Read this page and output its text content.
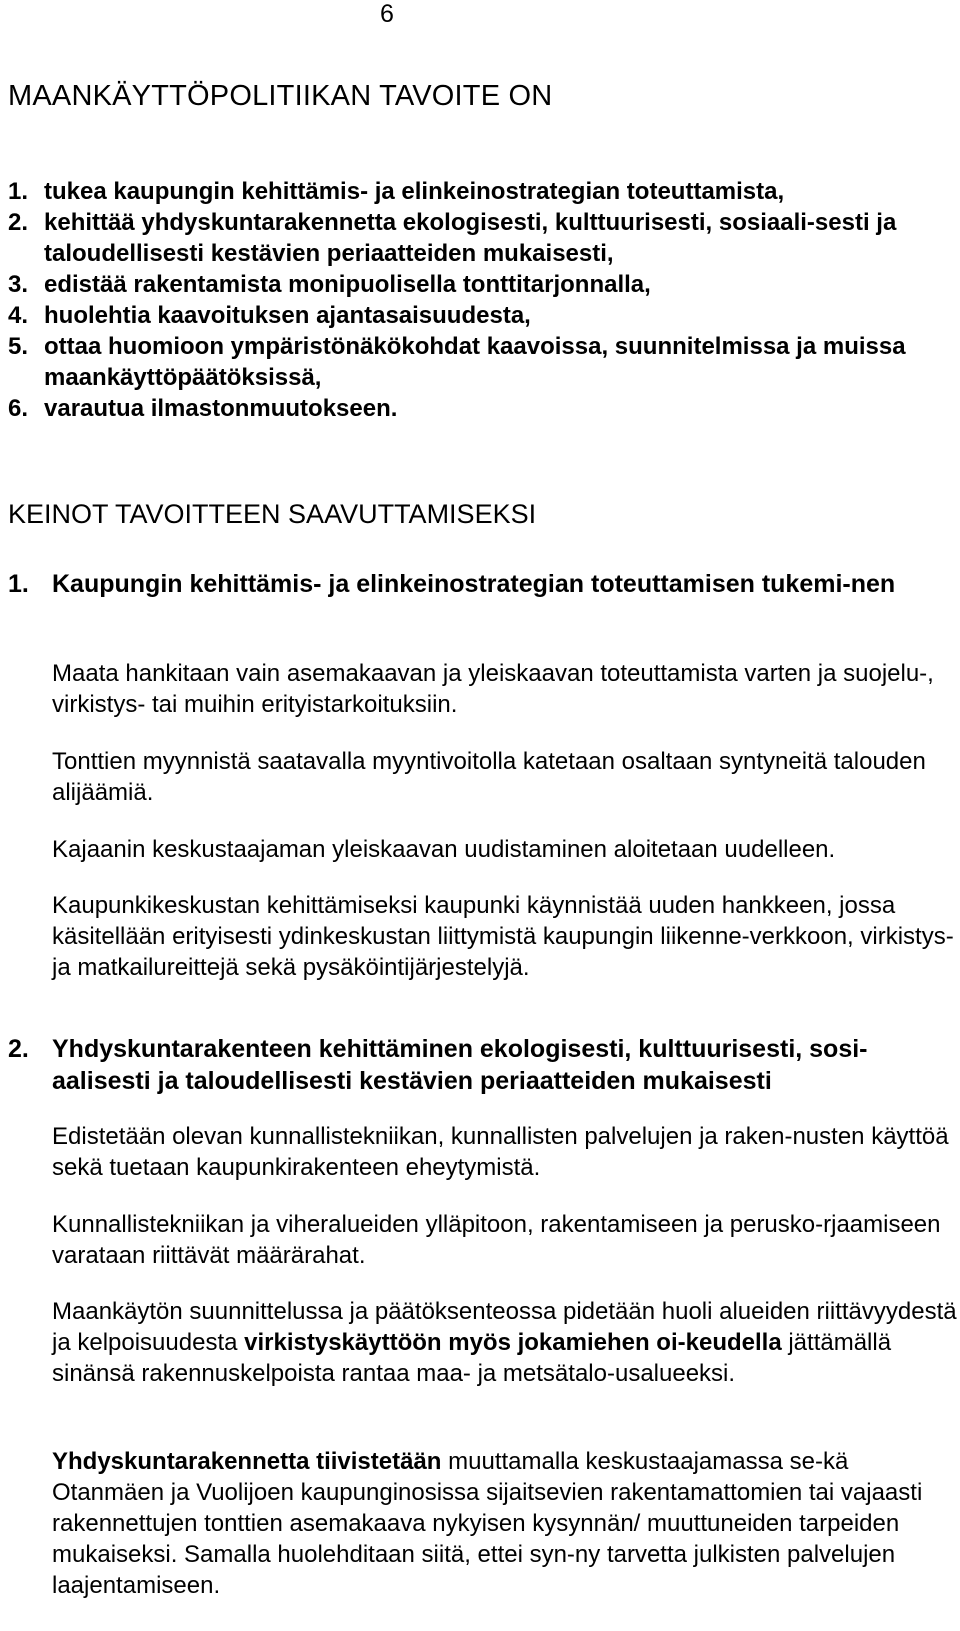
6
MAANKÄYTTÖPOLITIIKAN TAVOITE ON
1. tukea kaupungin kehittämis- ja elinkeinostrategian toteuttamista,
2. kehittää yhdyskuntarakennetta ekologisesti, kulttuurisesti, sosiaali-sesti ja taloudellisesti kestävien periaatteiden mukaisesti,
3. edistää rakentamista monipuolisella tonttitarjonnalla,
4. huolehtia kaavoituksen ajantasaisuudesta,
5. ottaa huomioon ympäristönäkökohdat kaavoissa, suunnitelmissa ja muissa maankäyttöpäätöksissä,
6. varautua ilmastonmuutokseen.
KEINOT TAVOITTEEN SAAVUTTAMISEKSI
1. Kaupungin kehittämis- ja elinkeinostrategian toteuttamisen tukemi-nen

Maata hankitaan vain asemakaavan ja yleiskaavan toteuttamista varten ja suojelu-, virkistys- tai muihin erityistarkoituksiin.

Tonttien myynnistä saatavalla myyntivoitolla katetaan osaltaan syntyneitä talouden alijäämiä.

Kajaanin keskustaajaman yleiskaavan uudistaminen aloitetaan uudelleen.

Kaupunkikeskustan kehittämiseksi kaupunki käynnistää uuden hankkeen, jossa käsitellään erityisesti ydinkeskustan liittymistä kaupungin liikenne-verkkoon, virkistys- ja matkailureittejä sekä pysäköintijärjestelyjä.

2. Yhdyskuntarakenteen kehittäminen ekologisesti, kulttuurisesti, sosi-aalisesti ja taloudellisesti kestävien periaatteiden mukaisesti

Edistetään olevan kunnallistekniikan, kunnallisten palvelujen ja raken-nusten käyttöä sekä tuetaan kaupunkirakenteen eheytymistä.

Kunnallistekniikan ja viheralueiden ylläpitoon, rakentamiseen ja perusko-rjaamiseen varataan riittävät määrärahat.

Maankäytön suunnittelussa ja päätöksenteossa pidetään huoli alueiden riittävyydestä ja kelpoisuudesta virkistyskäyttöön myös jokamiehen oi-keudella jättämällä sinänsä rakennuskelpoista rantaa maa- ja metsätalo-usalueeksi.

Yhdyskuntarakennetta tiivistetään muuttamalla keskustaajamassa se-kä Otanmäen ja Vuolijoen kaupunginosissa sijaitsevien rakentamattomien tai vajaasti rakennettujen tonttien asemakaava nykyisen kysynnän/ muuttuneiden tarpeiden mukaiseksi. Samalla huolehditaan siitä, ettei syn-ny tarvetta julkisten palvelujen laajentamiseen.
